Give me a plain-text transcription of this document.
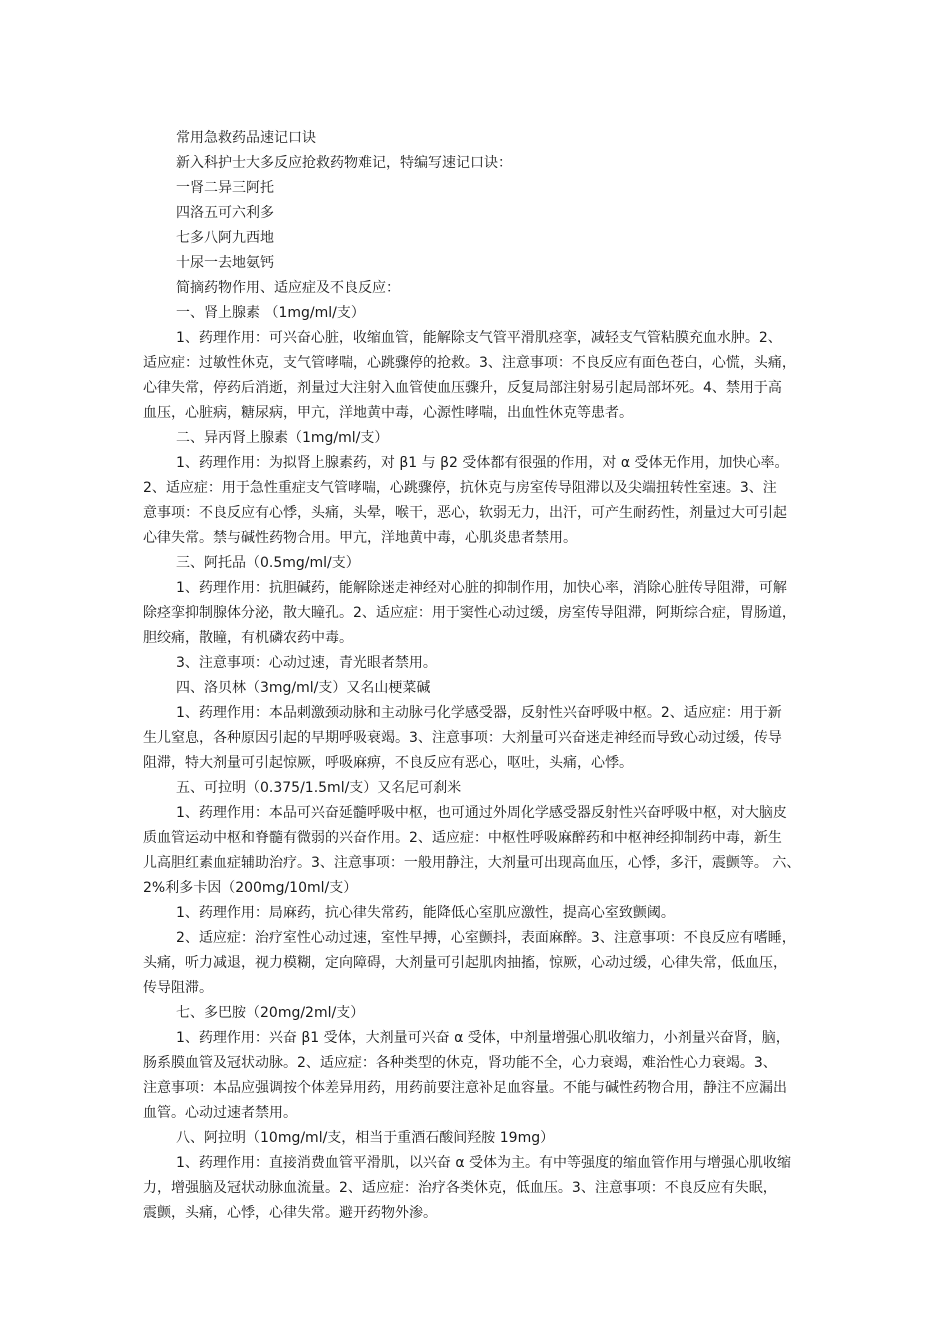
常用急救药品速记口诀
新入科护士大多反应抢救药物难记，特编写速记口诀：
一肾二异三阿托
四洛五可六利多
七多八阿九西地
十尿一去地氨钙
简摘药物作用、适应症及不良反应：
一、肾上腺素 （1mg/ml/支）
1、药理作用：可兴奋心脏，收缩血管，能解除支气管平滑肌痉挛，减轻支气管粘膜充血水肿。2、
适应症：过敏性休克，支气管哮喘，心跳骤停的抢救。3、注意事项：不良反应有面色苍白，心慌，头痛，
心律失常，停药后消逝，剂量过大注射入血管使血压骤升，反复局部注射易引起局部坏死。4、禁用于高
血压，心脏病，糖尿病，甲亢，洋地黄中毒，心源性哮喘，出血性休克等患者。
二、异丙肾上腺素（1mg/ml/支）
1、药理作用：为拟肾上腺素药，对 β1 与 β2 受体都有很强的作用，对 α 受体无作用，加快心率。
2、适应症：用于急性重症支气管哮喘，心跳骤停，抗休克与房室传导阻滞以及尖端扭转性室速。3、注
意事项：不良反应有心悸，头痛，头晕，喉干，恶心，软弱无力，出汗，可产生耐药性，剂量过大可引起
心律失常。禁与碱性药物合用。甲亢，洋地黄中毒，心肌炎患者禁用。
三、阿托品（0.5mg/ml/支）
1、药理作用：抗胆碱药，能解除迷走神经对心脏的抑制作用，加快心率，消除心脏传导阻滞，可解
除痉挛抑制腺体分泌，散大瞳孔。2、适应症：用于窦性心动过缓，房室传导阻滞，阿斯综合症，胃肠道，
胆绞痛，散瞳，有机磷农药中毒。
3、注意事项：心动过速，青光眼者禁用。
四、洛贝林（3mg/ml/支）又名山梗菜碱
1、药理作用：本品刺激颈动脉和主动脉弓化学感受器，反射性兴奋呼吸中枢。2、适应症：用于新
生儿窒息，各种原因引起的早期呼吸衰竭。3、注意事项：大剂量可兴奋迷走神经而导致心动过缓，传导
阻滞，特大剂量可引起惊厥，呼吸麻痹，不良反应有恶心，呕吐，头痛，心悸。
五、可拉明（0.375/1.5ml/支）又名尼可刹米
1、药理作用：本品可兴奋延髓呼吸中枢，也可通过外周化学感受器反射性兴奋呼吸中枢，对大脑皮
质血管运动中枢和脊髓有微弱的兴奋作用。2、适应症：中枢性呼吸麻醉药和中枢神经抑制药中毒，新生
儿高胆红素血症辅助治疗。3、注意事项：一般用静注，大剂量可出现高血压，心悸，多汗，震颤等。 六、
2%利多卡因（200mg/10ml/支）
1、药理作用：局麻药，抗心律失常药，能降低心室肌应激性，提高心室致颤阈。
2、适应症：治疗室性心动过速，室性早搏，心室颤抖，表面麻醉。3、注意事项：不良反应有嗜睡，
头痛，听力减退，视力模糊，定向障碍，大剂量可引起肌肉抽搐，惊厥，心动过缓，心律失常，低血压，
传导阻滞。
七、多巴胺（20mg/2ml/支）
1、药理作用：兴奋 β1 受体，大剂量可兴奋 α 受体，中剂量增强心肌收缩力，小剂量兴奋肾，脑，
肠系膜血管及冠状动脉。2、适应症：各种类型的休克，肾功能不全，心力衰竭，难治性心力衰竭。3、
注意事项：本品应强调按个体差异用药，用药前要注意补足血容量。不能与碱性药物合用，静注不应漏出
血管。心动过速者禁用。
八、阿拉明（10mg/ml/支，相当于重酒石酸间羟胺 19mg）
1、药理作用：直接消费血管平滑肌，以兴奋 α 受体为主。有中等强度的缩血管作用与增强心肌收缩
力，增强脑及冠状动脉血流量。2、适应症：治疗各类休克，低血压。3、注意事项：不良反应有失眠，
震颤，头痛，心悸，心律失常。避开药物外渗。
